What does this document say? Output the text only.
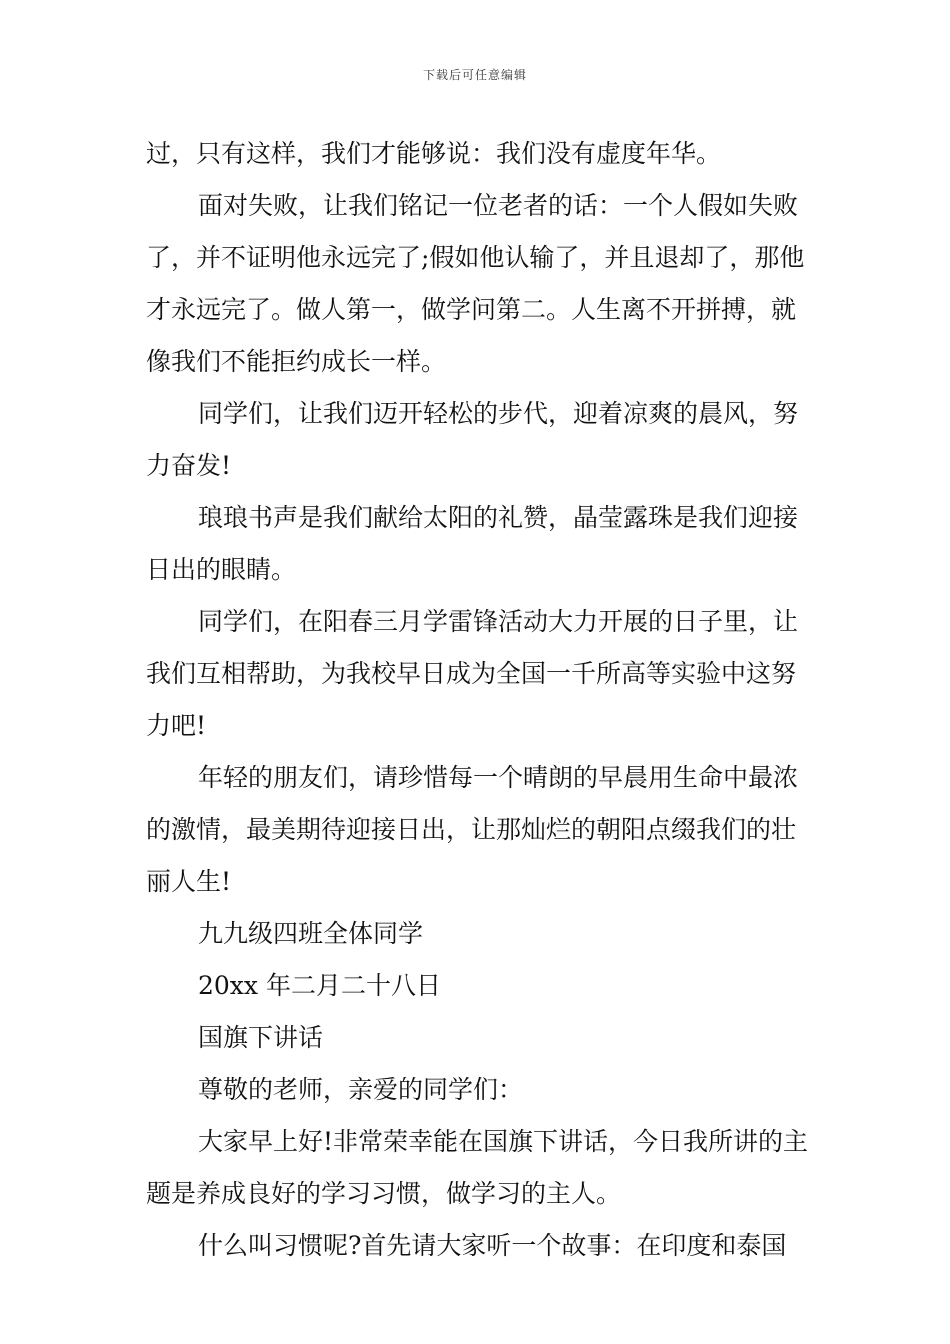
下载后可任意编辑

过，只有这样，我们才能够说：我们没有虚度年华。

面对失败，让我们铭记一位老者的话：一个人假如失败了，并不证明他永远完了;假如他认输了，并且退却了，那他才永远完了。做人第一，做学问第二。人生离不开拼搏，就像我们不能拒约成长一样。

同学们，让我们迈开轻松的步代，迎着凉爽的晨风，努力奋发!

琅琅书声是我们献给太阳的礼赞，晶莹露珠是我们迎接日出的眼睛。

同学们，在阳春三月学雷锋活动大力开展的日子里，让我们互相帮助，为我校早日成为全国一千所高等实验中这努力吧!

年轻的朋友们，请珍惜每一个晴朗的早晨用生命中最浓的激情，最美期待迎接日出，让那灿烂的朝阳点缀我们的壮丽人生!

九九级四班全体同学

20xx 年二月二十八日

国旗下讲话

尊敬的老师，亲爱的同学们：

大家早上好!非常荣幸能在国旗下讲话，今日我所讲的主题是养成良好的学习习惯，做学习的主人。

什么叫习惯呢?首先请大家听一个故事：在印度和泰国
